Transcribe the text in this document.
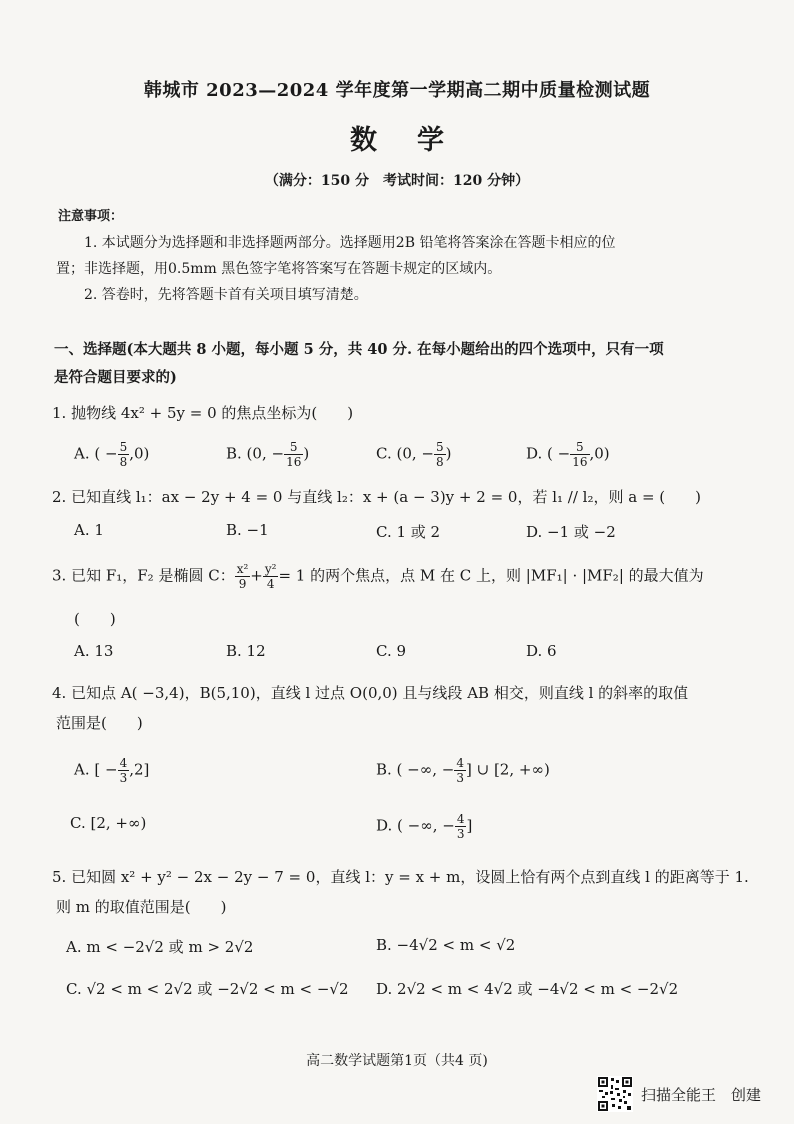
韩城市 2023—2024 学年度第一学期高二期中质量检测试题
数学
（满分：150 分　考试时间：120 分钟）
注意事项：
1. 本试题分为选择题和非选择题两部分。选择题用2B 铅笔将答案涂在答题卡相应的位
置；非选择题，用0.5mm 黑色签字笔将答案写在答题卡规定的区域内。
2. 答卷时，先将答题卡首有关项目填写清楚。
一、选择题(本大题共 8 小题，每小题 5 分，共 40 分. 在每小题给出的四个选项中，只有一项
是符合题目要求的)
1. 抛物线 4x² + 5y = 0 的焦点坐标为(　　)
A. ( − $\frac{5}{8} ,0$)	B. (0, − $\frac{5}{16}$ )	C. (0, − $\frac{5}{8}$ )	D. ( − $\frac{5}{16} ,0$)
2. 已知直线 l₁：ax − 2y + 4 = 0 与直线 l₂：x + (a − 3)y + 2 = 0，若 l₁ // l₂，则 a = (　　)
A. 1	B. −1	C. 1 或 2	D. −1 或 −2
3. 已知 F₁，F₂ 是椭圆 C： $\frac{\text{x²}}{9} + \frac{\text{y²}}{4} = 1$ 的两个焦点，点 M 在 C 上，则 |MF₁| · |MF₂| 的最大值为
(　　)
A. 13	B. 12	C. 9	D. 6
4. 已知点 A( −3,4)，B(5,10)，直线 l 过点 O(0,0) 且与线段 AB 相交，则直线 l 的斜率的取值
范围是(　　)
A. [ − $\frac{4}{3} ,2$]	B. ( −∞, − $\frac{4}{3}$ ] ∪ [2, +∞)
C. [2, +∞)	D. ( −∞, − $\frac{4}{3}$ ]
5. 已知圆 x² + y² − 2x − 2y − 7 = 0，直线 l：y = x + m，设圆上恰有两个点到直线 l 的距离等于 1.
则 m 的取值范围是(　　)
A. m < −2√2 或 m > 2√2	B. −4√2 < m < √2
C. √2 < m < 2√2 或 −2√2 < m < −√2 D. 2√2 < m < 4√2 或 −4√2 < m < −2√2
高二数学试题第1页（共4 页)
扫描全能王　创建
